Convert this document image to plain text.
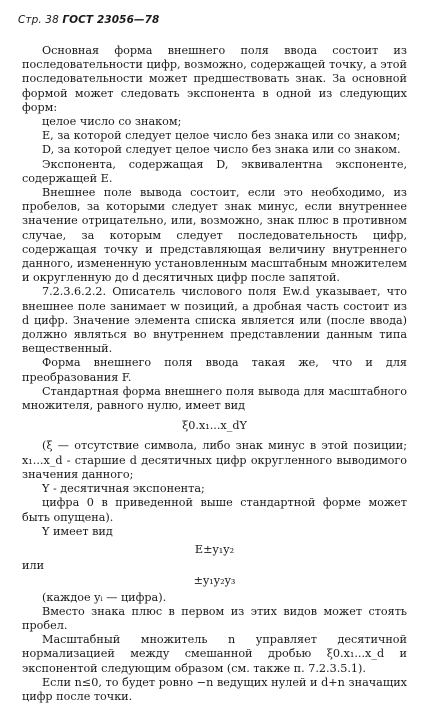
Стр. 38 ГОСТ 23056—78

Основная форма внешнего поля ввода состоит из последовательности цифр, возможно, содержащей точку, а этой последовательности может предшествовать знак. За основной формой может следовать экспонента в одной из следующих форм:

целое число со знаком;

E, за которой следует целое число без знака или со знаком;

D, за которой следует целое число без знака или со знаком.

Экспонента, содержащая D, эквивалентна экспоненте, содержащей E.

Внешнее поле вывода состоит, если это необходимо, из пробелов, за которыми следует знак минус, если внутреннее значение отрицательно, или, возможно, знак плюс в противном случае, за которым следует последовательность цифр, содержащая точку и представляющая величину внутреннего данного, измененную установленным масштабным множителем и округленную до d десятичных цифр после запятой.

7.2.3.6.2.2. Описатель числового поля Ew.d указывает, что внешнее поле занимает w позиций, а дробная часть состоит из d цифр. Значение элемента списка является или (после ввода) должно являться во внутреннем представлении данным типа вещественный.

Форма внешнего поля ввода такая же, что и для преобразования F.

Стандартная форма внешнего поля вывода для масштабного множителя, равного нулю, имеет вид

ξ0.x₁...x_dY

(ξ — отсутствие символа, либо знак минус в этой позиции; x₁...x_d - старшие d десятичных цифр округленного выводимого значения данного;

Y - десятичная экспонента;

цифра 0 в приведенной выше стандартной форме может быть опущена).

Y имеет вид

E±y₁y₂

или

±y₁y₂y₃

(каждое yᵢ — цифра).

Вместо знака плюс в первом из этих видов может стоять пробел.

Масштабный множитель n управляет десятичной нормализацией между смешанной дробью ξ0.x₁...x_d и экспонентой следующим образом (см. также п. 7.2.3.5.1).

Если n≤0, то будет ровно −n ведущих нулей и d+n значащих цифр после точки.
